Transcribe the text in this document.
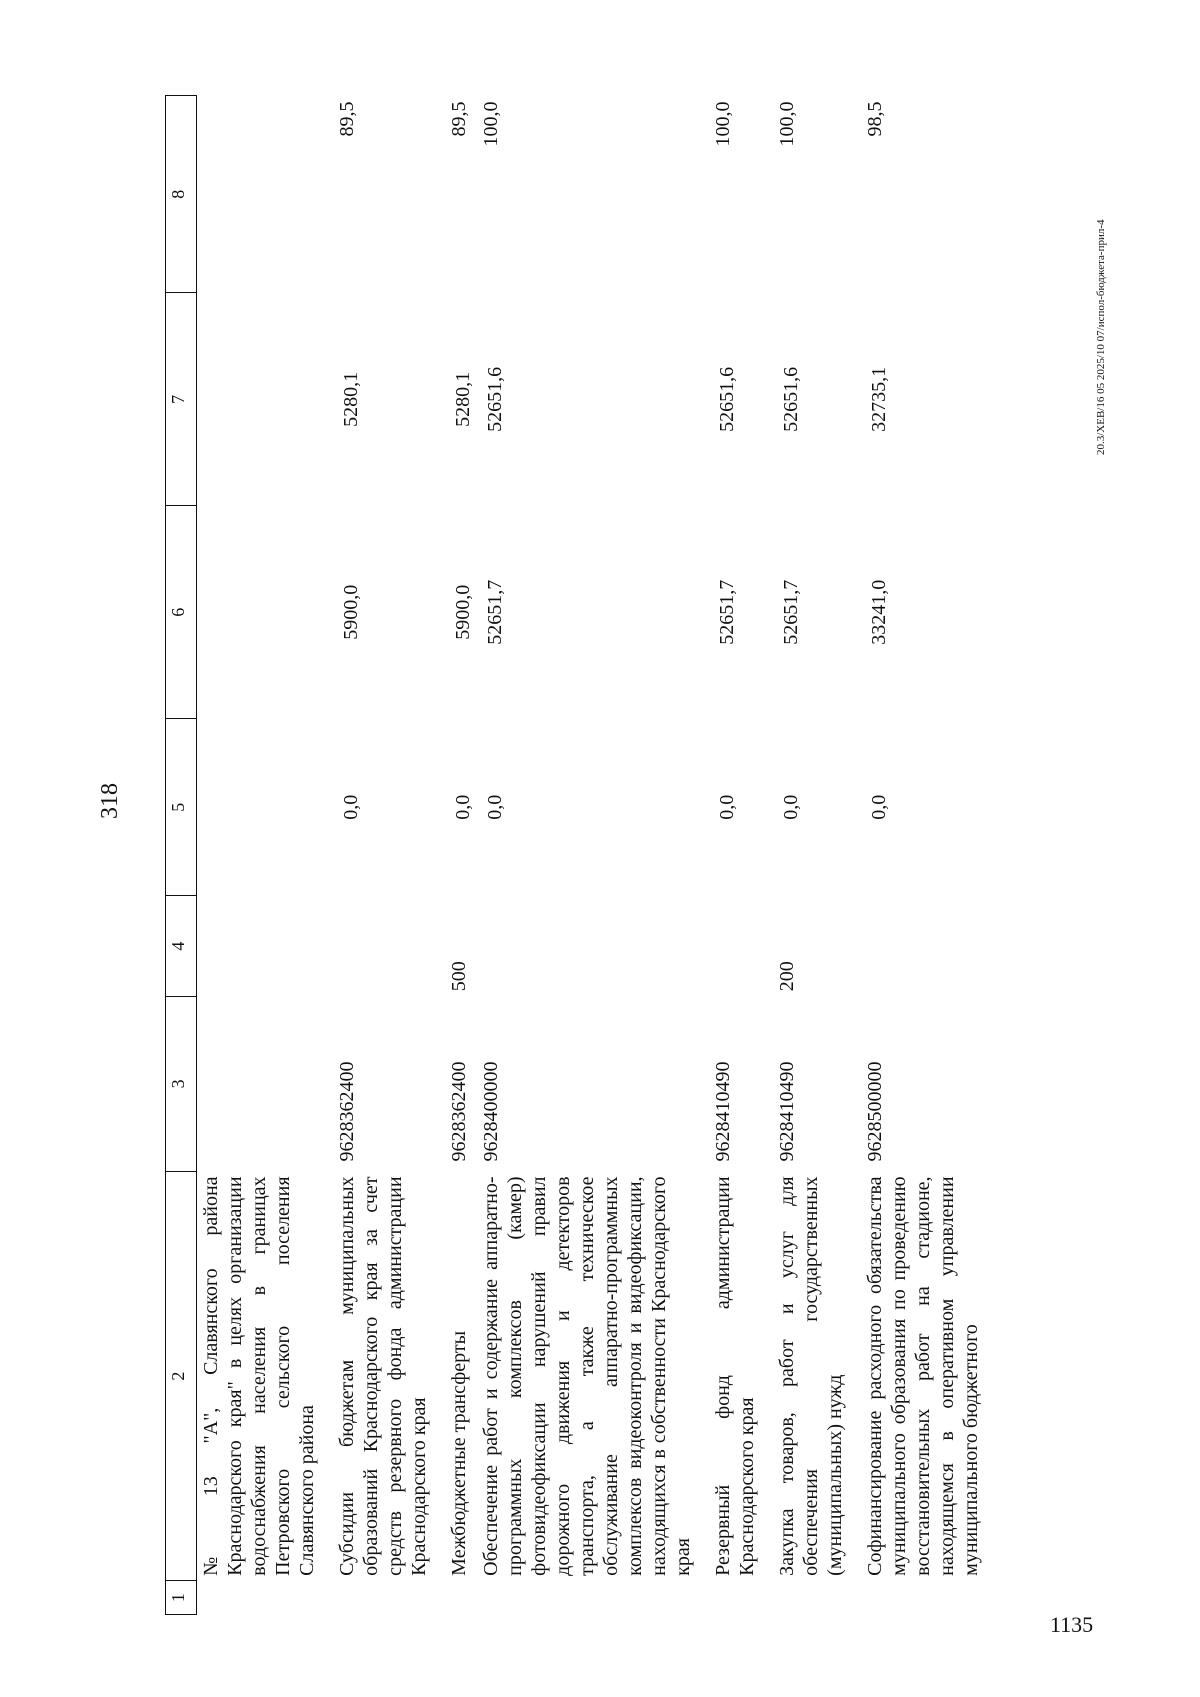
318
1	2	3	4	5	6	7	8
	№ 13 "А", Славянского района Краснодарского края" в целях организации водоснабжения населения в границах Петровского сельского поселения Славянского района						
	Субсидии бюджетам муниципальных образований Краснодарского края за счет средств резервного фонда администрации Краснодарского края	9628362400		0,0	5900,0	5280,1	89,5
	Межбюджетные трансферты	9628362400	500	0,0	5900,0	5280,1	89,5
	Обеспечение работ и содержание аппаратно-программных комплексов (камер) фотовидеофиксации нарушений правил дорожного движения и детекторов транспорта, а также техническое обслуживание аппаратно-программных комплексов видеоконтроля и видеофиксации, находящихся в собственности Краснодарского края	9628400000		0,0	52651,7	52651,6	100,0
	Резервный фонд администрации Краснодарского края	9628410490		0,0	52651,7	52651,6	100,0
	Закупка товаров, работ и услуг для обеспечения государственных (муниципальных) нужд	9628410490	200	0,0	52651,7	52651,6	100,0
	Софинансирование расходного обязательства муниципального образования по проведению восстановительных работ на стадионе, находящемся в оперативном управлении муниципального бюджетного	9628500000		0,0	33241,0	32735,1	98,5
20.3/ХЕВ/16 05 2025/10 07/испол-бюджета-прил-4
1135
